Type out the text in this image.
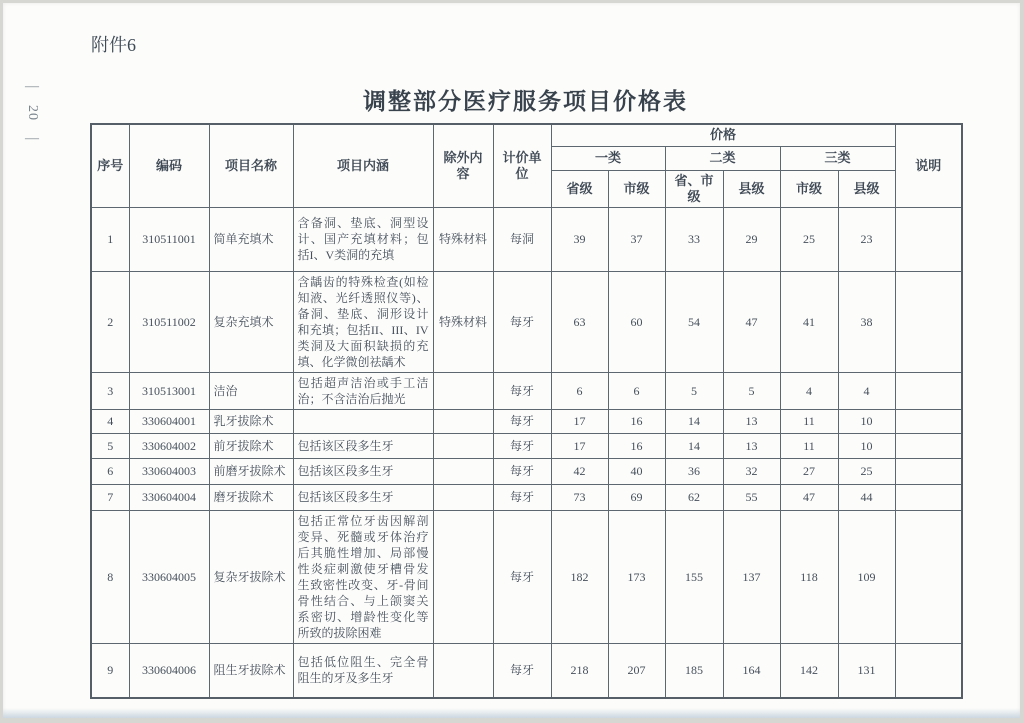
附件6
—
20
—
调整部分医疗服务项目价格表
序号	编码	项目名称	项目内涵	除外内容	计价单位	价格						说明
						一类		二类		三类		
						省级	市级	省、市级	县级	市级	县级	
1	310511001	简单充填术	含备洞、垫底、洞型设计、国产充填材料；包括I、V类洞的充填	特殊材料	每洞	39	37	33	29	25	23	
2	310511002	复杂充填术	含龋齿的特殊检查(如检知液、光纤透照仪等)、备洞、垫底、洞形设计和充填；包括II、III、IV类洞及大面积缺损的充填、化学微创祛龋术	特殊材料	每牙	63	60	54	47	41	38	
3	310513001	洁治	包括超声洁治或手工洁治；不含洁治后抛光		每牙	6	6	5	5	4	4	
4	330604001	乳牙拔除术			每牙	17	16	14	13	11	10	
5	330604002	前牙拔除术	包括该区段多生牙		每牙	17	16	14	13	11	10	
6	330604003	前磨牙拔除术	包括该区段多生牙		每牙	42	40	36	32	27	25	
7	330604004	磨牙拔除术	包括该区段多生牙		每牙	73	69	62	55	47	44	
8	330604005	复杂牙拔除术	包括正常位牙齿因解剖变异、死髓或牙体治疗后其脆性增加、局部慢性炎症刺激使牙槽骨发生致密性改变、牙-骨间骨性结合、与上颌窦关系密切、增龄性变化等所致的拔除困难		每牙	182	173	155	137	118	109	
9	330604006	阻生牙拔除术	包括低位阻生、完全骨阻生的牙及多生牙		每牙	218	207	185	164	142	131	
